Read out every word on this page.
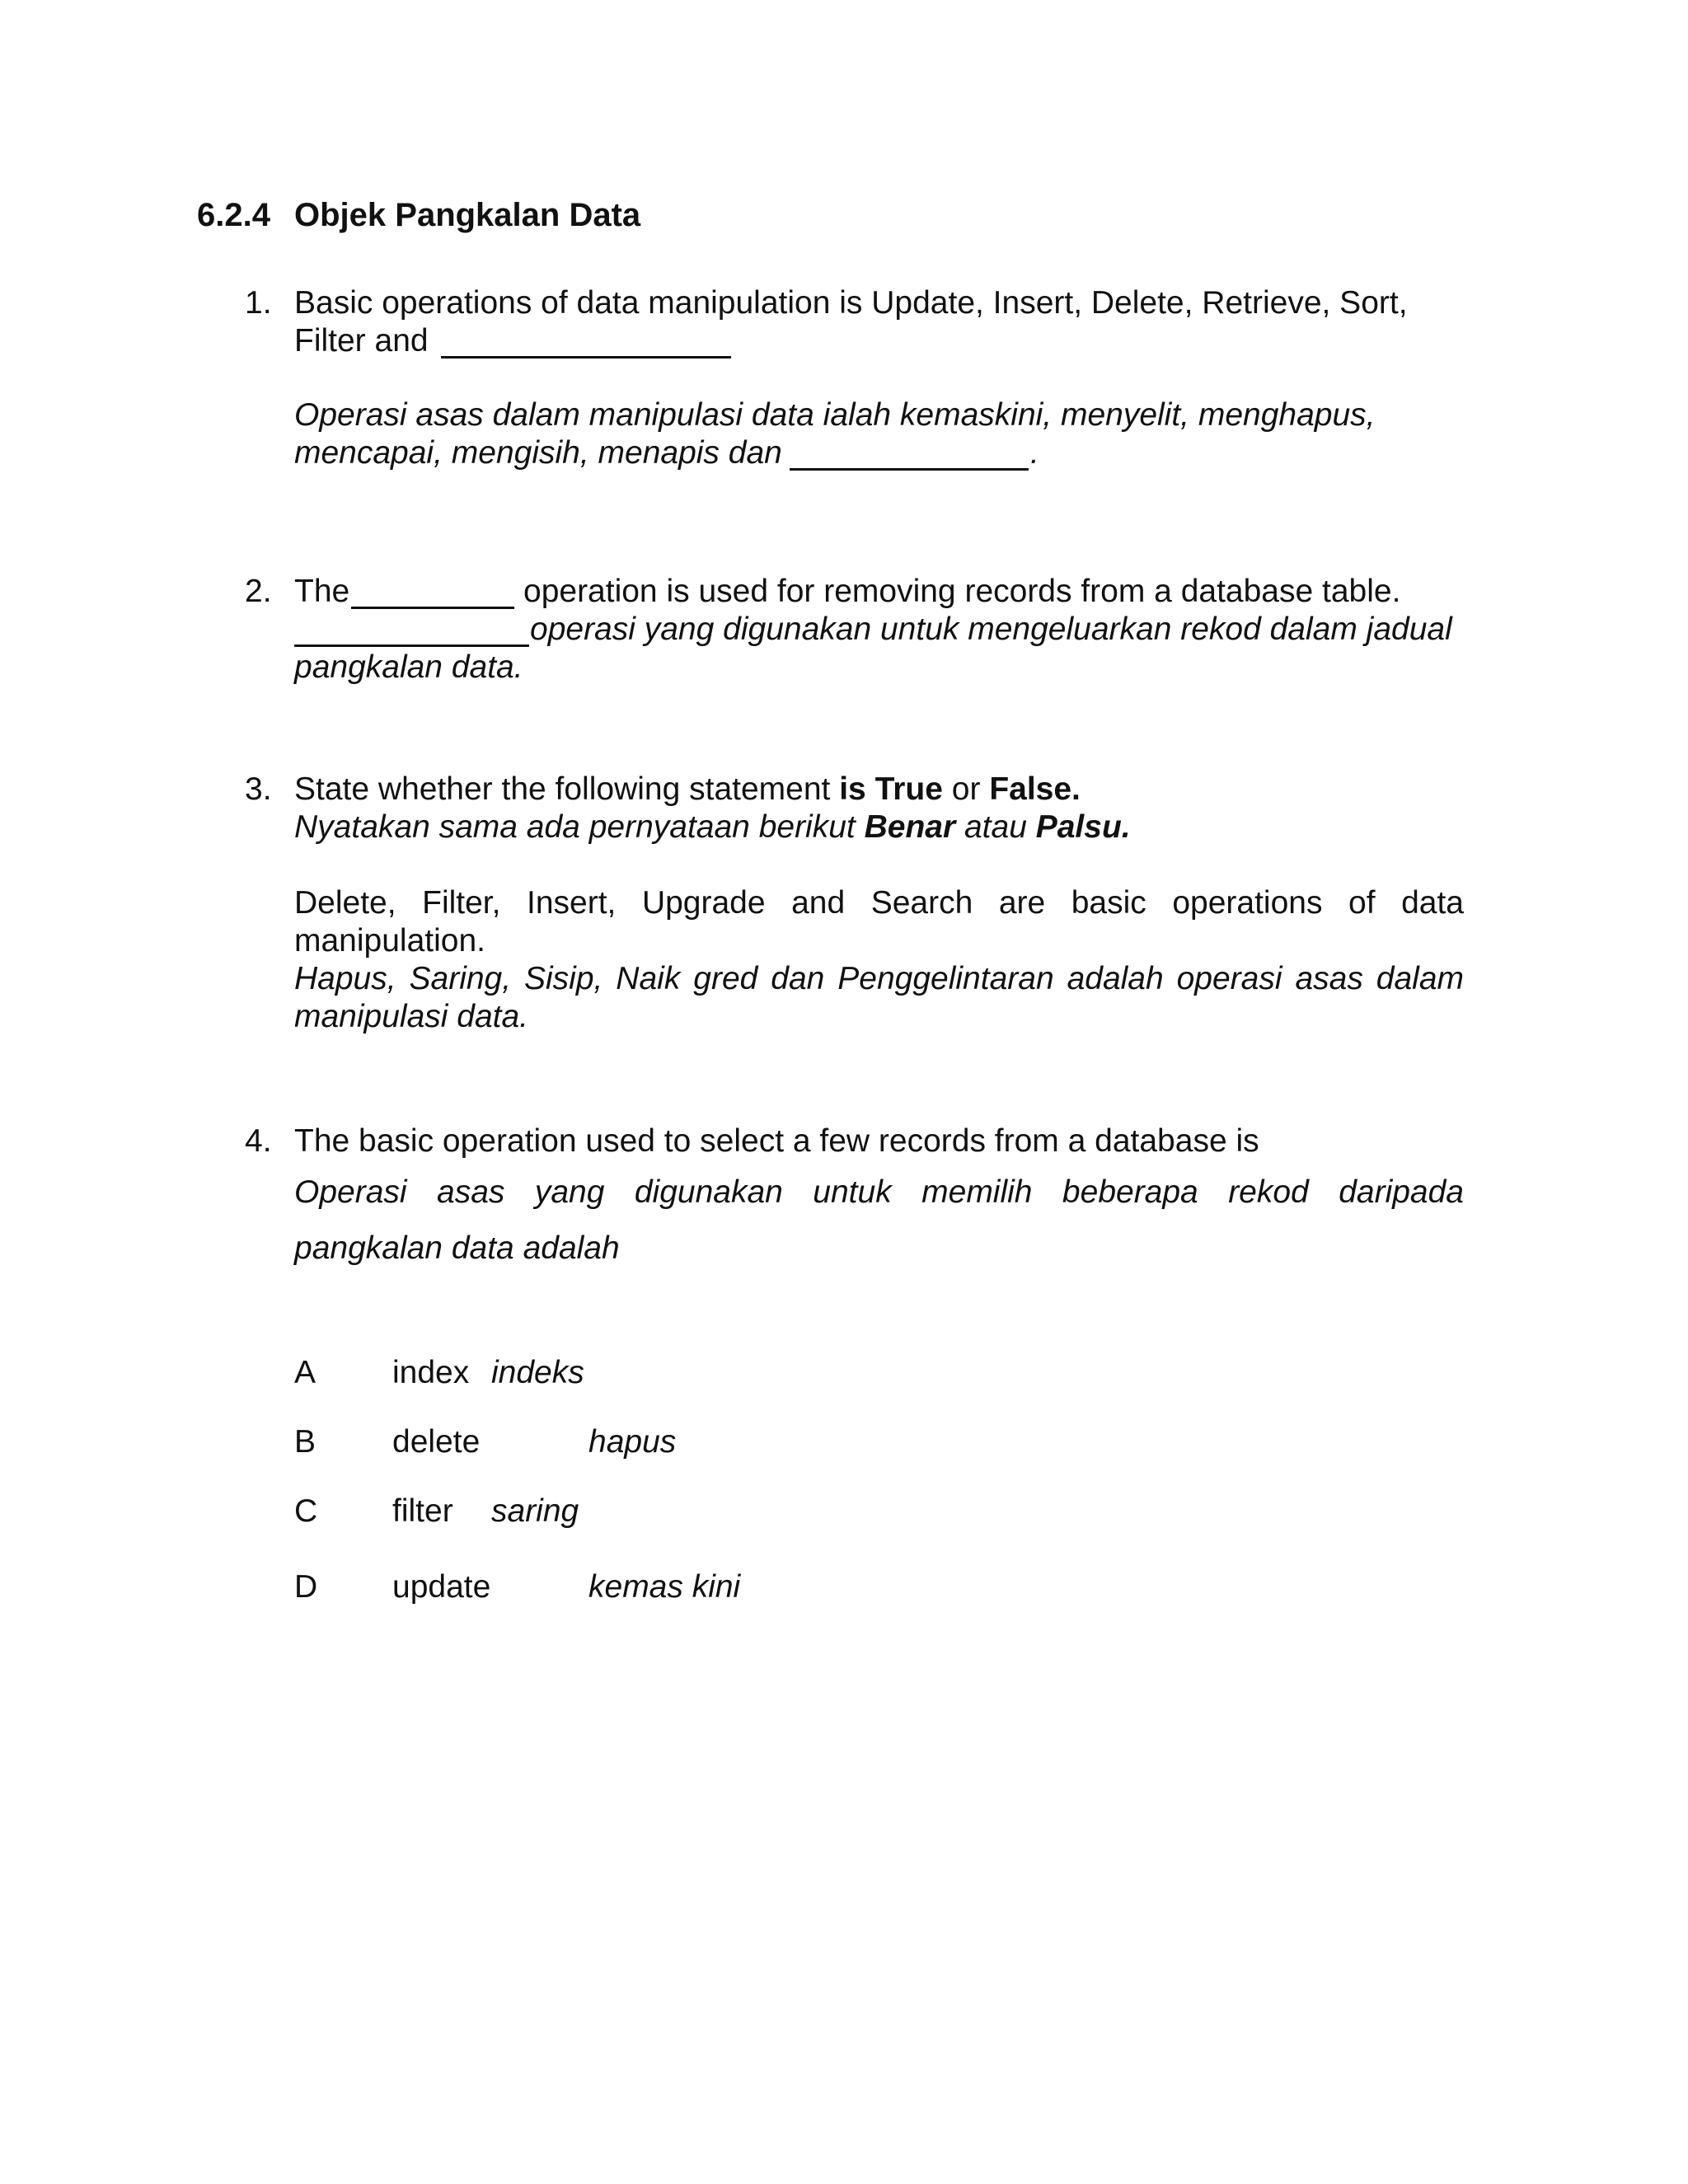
6.2.4 Objek Pangkalan Data
1. Basic operations of data manipulation is Update, Insert, Delete, Retrieve, Sort,
Filter and
Operasi asas dalam manipulasi data ialah kemaskini, menyelit, menghapus,
mencapai, mengisih, menapis dan	.
2. The	operation is used for removing records from a database table.
operasi yang digunakan untuk mengeluarkan rekod dalam jadual
pangkalan data.
3. State whether the following statement is True or False.
Nyatakan sama ada pernyataan berikut Benar atau Palsu.
Delete, Filter, Insert, Upgrade and Search are basic operations of data
manipulation.
Hapus, Saring, Sisip, Naik gred dan Penggelintaran adalah operasi asas dalam
manipulasi data.
4. The basic operation used to select a few records from a database is
Operasi asas yang digunakan untuk memilih beberapa rekod daripada
pangkalan data adalah
A index indeks
B delete	hapus
C filter saring
D update	kemas kini
